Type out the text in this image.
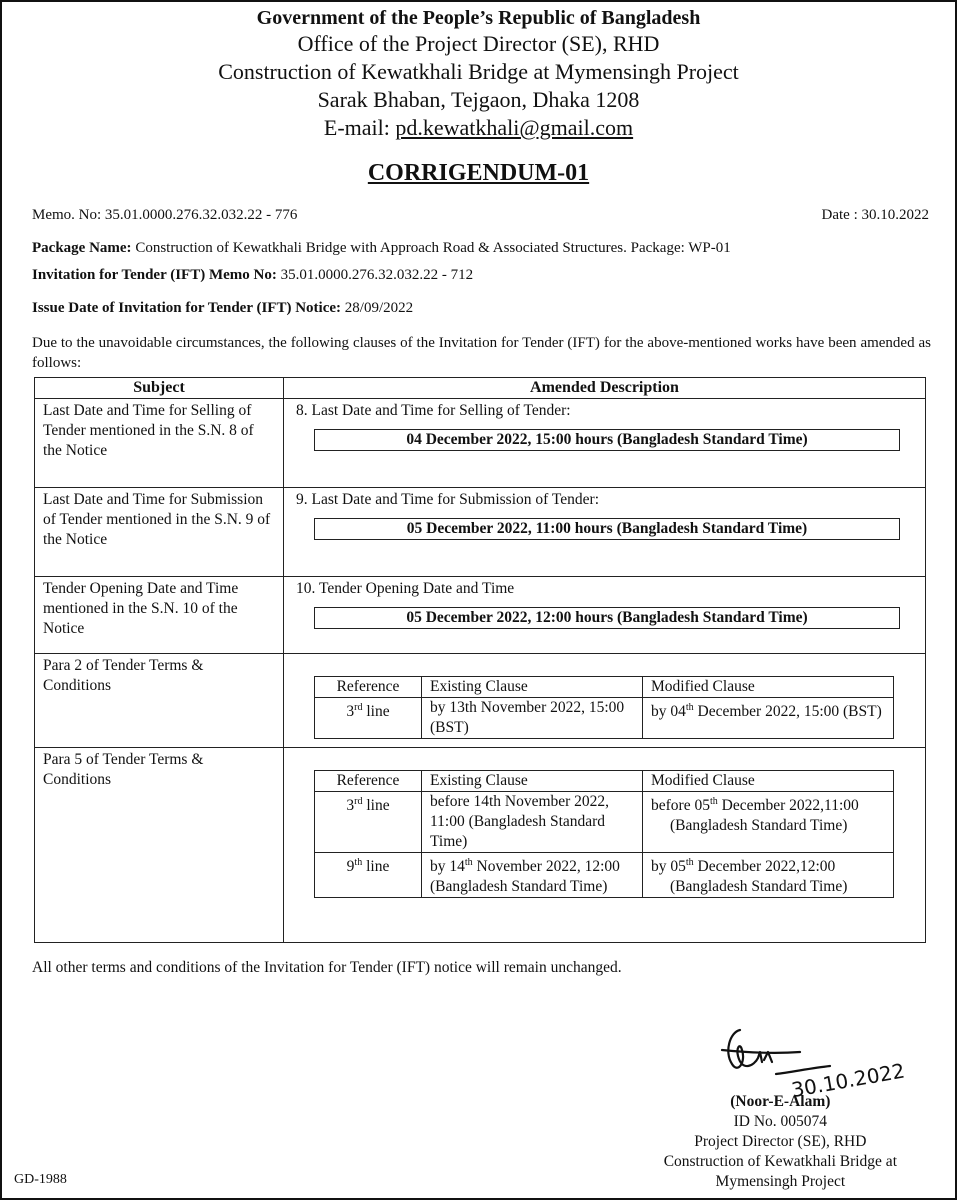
Government of the People’s Republic of Bangladesh
Office of the Project Director (SE), RHD
Construction of Kewatkhali Bridge at Mymensingh Project
Sarak Bhaban, Tejgaon, Dhaka 1208
E-mail: pd.kewatkhali@gmail.com
CORRIGENDUM-01
Memo. No: 35.01.0000.276.32.032.22 - 776	Date : 30.10.2022
Package Name: Construction of Kewatkhali Bridge with Approach Road & Associated Structures. Package: WP-01
Invitation for Tender (IFT) Memo No: 35.01.0000.276.32.032.22 - 712
Issue Date of Invitation for Tender (IFT) Notice: 28/09/2022
Due to the unavoidable circumstances, the following clauses of the Invitation for Tender (IFT) for the above-mentioned works have been amended as follows:
Subject	Amended Description
Last Date and Time for Selling of Tender mentioned in the S.N. 8 of the Notice	
8. Last Date and Time for Selling of Tender:
04 December 2022, 15:00 hours (Bangladesh Standard Time)

Last Date and Time for Submission of Tender mentioned in the S.N. 9 of the Notice	
9. Last Date and Time for Submission of Tender:
05 December 2022, 11:00 hours (Bangladesh Standard Time)

Tender Opening Date and Time mentioned in the S.N. 10 of the Notice	
10. Tender Opening Date and Time
05 December 2022, 12:00 hours (Bangladesh Standard Time)

Para 2 of Tender Terms & Conditions		Reference	Existing Clause	Modified Clause
3rd line	by 13th November 2022, 15:00 (BST)	by 04th December 2022, 15:00 (BST)

Para 5 of Tender Terms & Conditions		Reference	Existing Clause	Modified Clause
3rd line	before 14th November 2022, 11:00 (Bangladesh Standard Time)	before 05th December 2022,11:00 (Bangladesh Standard Time)
9th line	by 14th November 2022, 12:00 (Bangladesh Standard Time)	by 05th December 2022,12:00 (Bangladesh Standard Time)
All other terms and conditions of the Invitation for Tender (IFT) notice will remain unchanged.
30.10.2022
(Noor-E-Alam)
ID No. 005074
Project Director (SE), RHD
Construction of Kewatkhali Bridge at
Mymensingh Project
GD-1988
